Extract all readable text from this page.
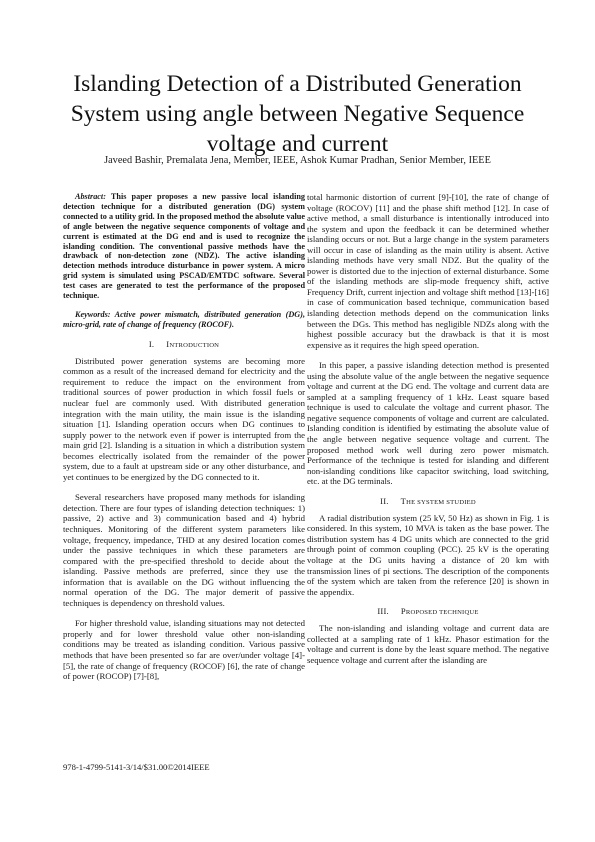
Islanding Detection of a Distributed Generation System using angle between Negative Sequence voltage and current
Javeed Bashir, Premalata Jena, Member, IEEE, Ashok Kumar Pradhan, Senior Member, IEEE

Abstract: This paper proposes a new passive local islanding detection technique for a distributed generation (DG) system connected to a utility grid. In the proposed method the absolute value of angle between the negative sequence components of voltage and current is estimated at the DG end and is used to recognize the islanding condition. The conventional passive methods have the drawback of non-detection zone (NDZ). The active islanding detection methods introduce disturbance in power system. A micro grid system is simulated using PSCAD/EMTDC software. Several test cases are generated to test the performance of the proposed technique.

Keywords: Active power mismatch, distributed generation (DG), micro-grid, rate of change of frequency (ROCOF).

I. INTRODUCTION

Distributed power generation systems are becoming more common as a result of the increased demand for electricity and the requirement to reduce the impact on the environment from traditional sources of power production in which fossil fuels or nuclear fuel are commonly used. With distributed generation integration with the main utility, the main issue is the islanding situation [1]. Islanding operation occurs when DG continues to supply power to the network even if power is interrupted from the main grid [2]. Islanding is a situation in which a distribution system becomes electrically isolated from the remainder of the power system, due to a fault at upstream side or any other disturbance, and yet continues to be energized by the DG connected to it.

Several researchers have proposed many methods for islanding detection. There are four types of islanding detection techniques: 1) passive, 2) active and 3) communication based and 4) hybrid techniques. Monitoring of the different system parameters like voltage, frequency, impedance, THD at any desired location comes under the passive techniques in which these parameters are compared with the pre-specified threshold to decide about the islanding. Passive methods are preferred, since they use the information that is available on the DG without influencing the normal operation of the DG. The major demerit of passive techniques is dependency on threshold values.

For higher threshold value, islanding situations may not detected properly and for lower threshold value other non-islanding conditions may be treated as islanding condition. Various passive methods that have been presented so far are over/under voltage [4]-[5], the rate of change of frequency (ROCOF) [6], the rate of change of power (ROCOP) [7]-[8],

total harmonic distortion of current [9]-[10], the rate of change of voltage (ROCOV) [11] and the phase shift method [12]. In case of active method, a small disturbance is intentionally introduced into the system and upon the feedback it can be determined whether islanding occurs or not. But a large change in the system parameters will occur in case of islanding as the main utility is absent. Active islanding methods have very small NDZ. But the quality of the power is distorted due to the injection of external disturbance. Some of the islanding methods are slip-mode frequency shift, active Frequency Drift, current injection and voltage shift method [13]-[16] in case of communication based technique, communication based islanding detection methods depend on the communication links between the DGs. This method has negligible NDZs along with the highest possible accuracy but the drawback is that it is most expensive as it requires the high speed operation.

In this paper, a passive islanding detection method is presented using the absolute value of the angle between the negative sequence voltage and current at the DG end. The voltage and current data are sampled at a sampling frequency of 1 kHz. Least square based technique is used to calculate the voltage and current phasor. The negative sequence components of voltage and current are calculated. Islanding condition is identified by estimating the absolute value of the angle between negative sequence voltage and current. The proposed method work well during zero power mismatch. Performance of the technique is tested for islanding and different non-islanding conditions like capacitor switching, load switching, etc. at the DG terminals.

II. THE SYSTEM STUDIED

A radial distribution system (25 kV, 50 Hz) as shown in Fig. 1 is considered. In this system, 10 MVA is taken as the base power. The distribution system has 4 DG units which are connected to the grid through point of common coupling (PCC). 25 kV is the operating voltage at the DG units having a distance of 20 km with transmission lines of pi sections. The description of the components of the system which are taken from the reference [20] is shown in the appendix.

III. PROPOSED TECHNIQUE

The non-islanding and islanding voltage and current data are collected at a sampling rate of 1 kHz. Phasor estimation for the voltage and current is done by the least square method. The negative sequence voltage and current after the islanding are

978-1-4799-5141-3/14/$31.00©2014IEEE
